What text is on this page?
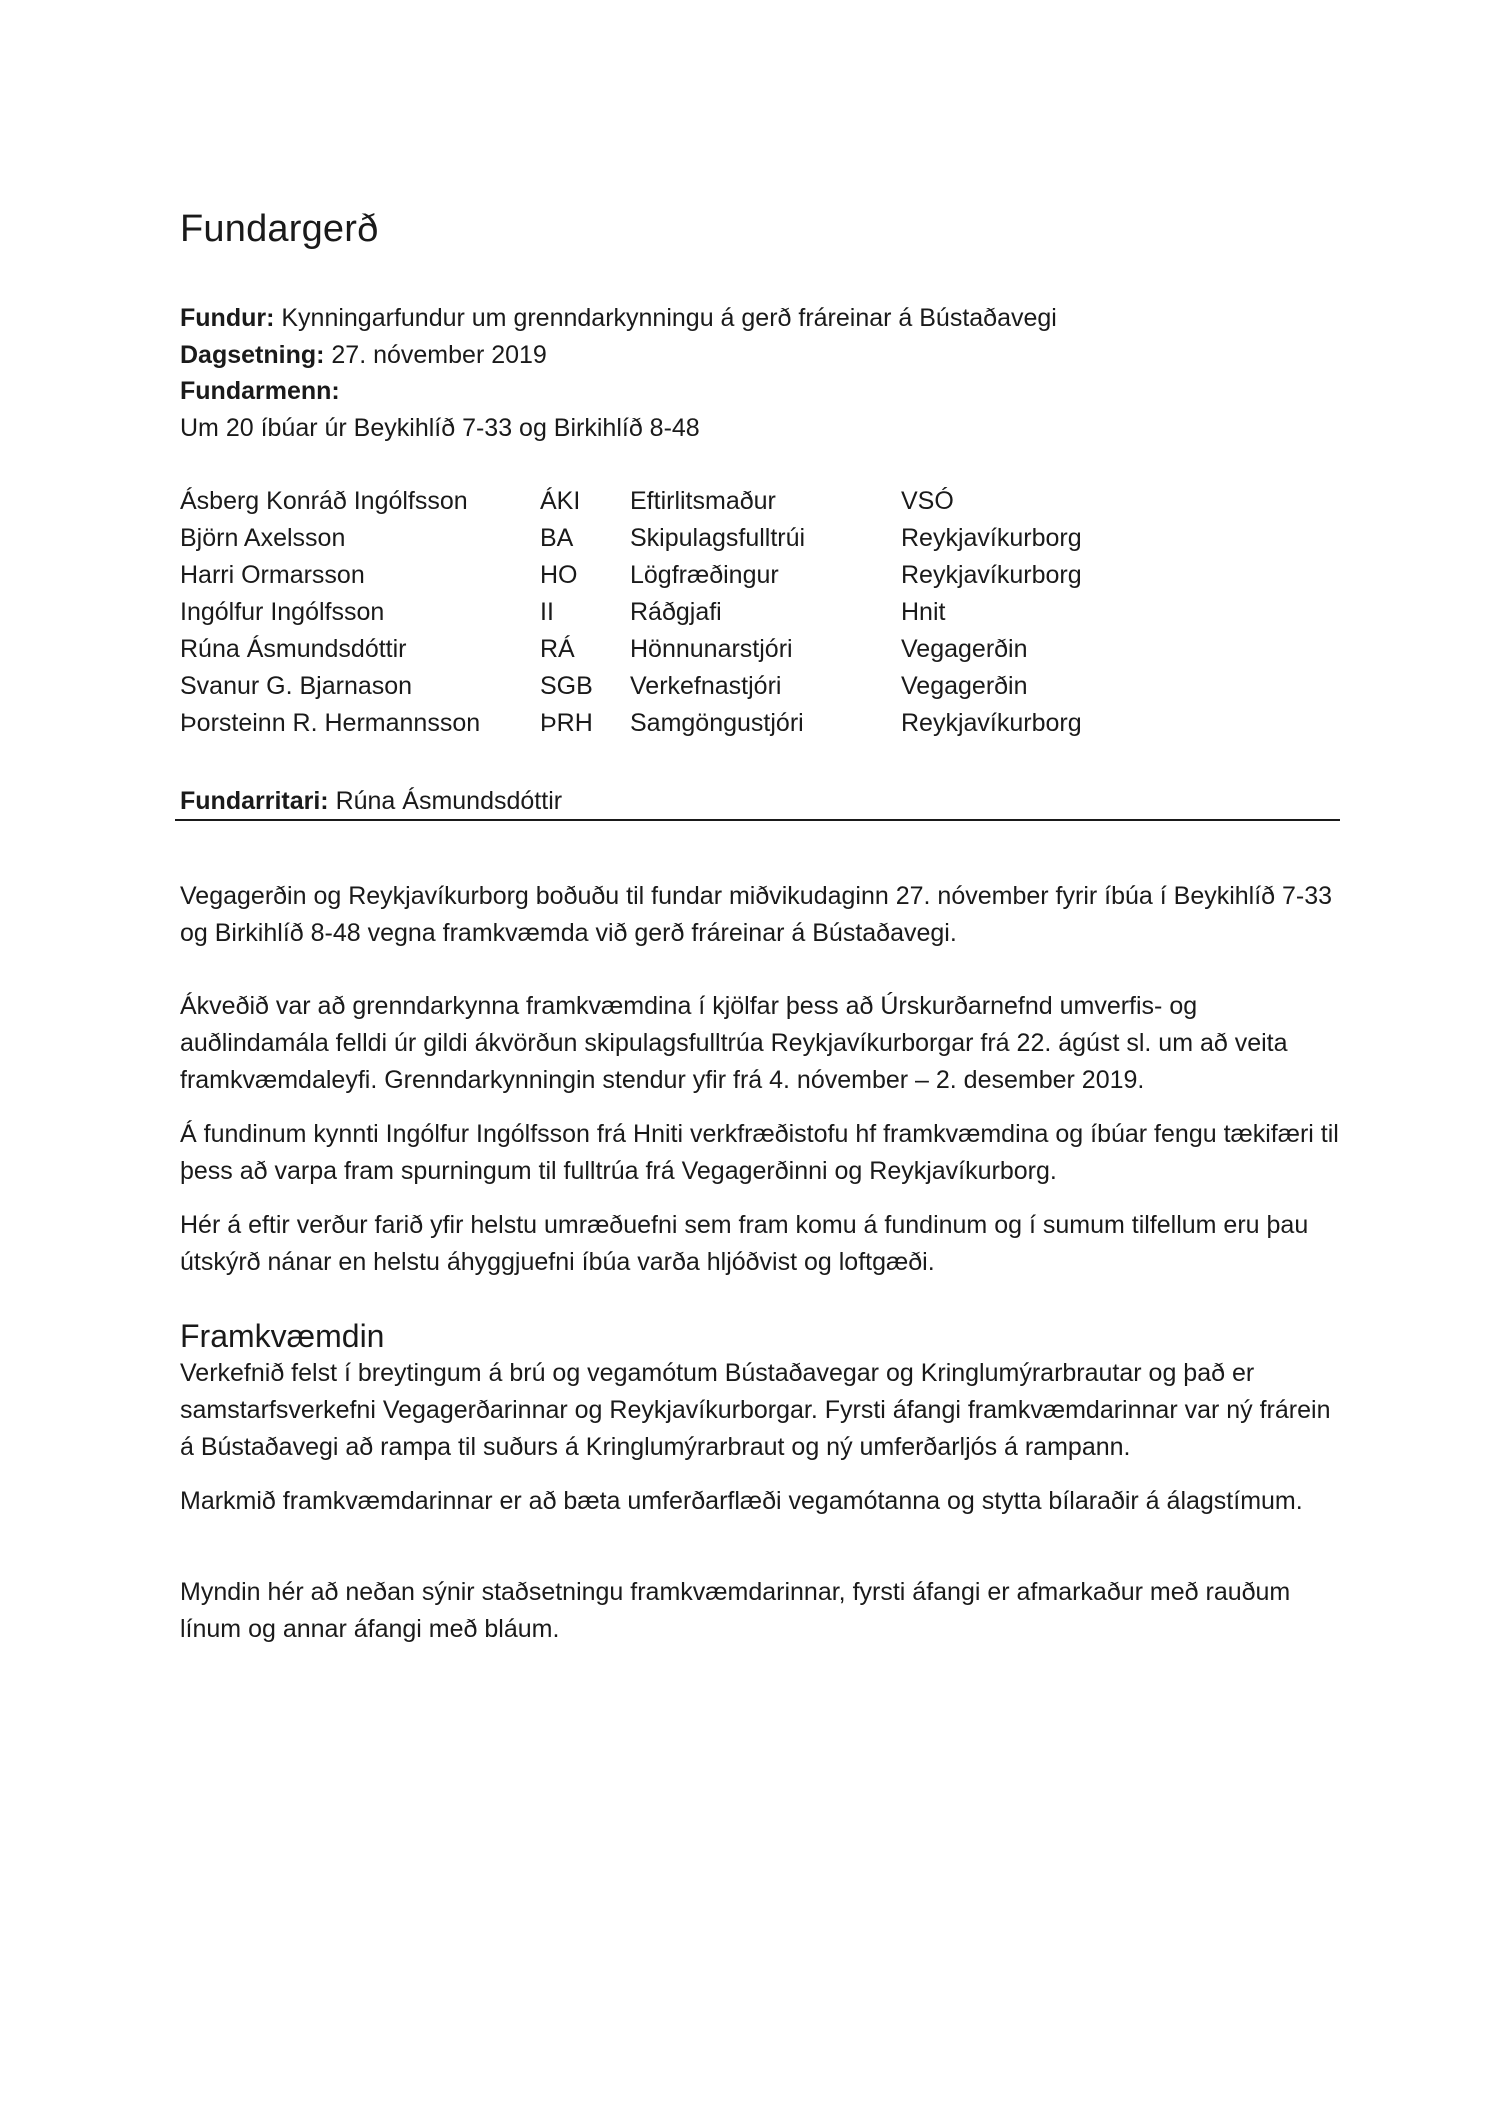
Fundargerð
Fundur: Kynningarfundur um grenndarkynningu á gerð fráreinar á Bústaðavegi
Dagsetning: 27. nóvember 2019
Fundarmenn:
Um 20 íbúar úr Beykihlíð 7-33 og Birkihlíð 8-48
Ásberg Konráð Ingólfsson	ÁKI	Eftirlitsmaður	VSÓ
Björn Axelsson	BA	Skipulagsfulltrúi	Reykjavíkurborg
Harri Ormarsson	HO	Lögfræðingur	Reykjavíkurborg
Ingólfur Ingólfsson	II	Ráðgjafi	Hnit
Rúna Ásmundsdóttir	RÁ	Hönnunarstjóri	Vegagerðin
Svanur G. Bjarnason	SGB	Verkefnastjóri	Vegagerðin
Þorsteinn R. Hermannsson	ÞRH	Samgöngustjóri	Reykjavíkurborg
Fundarritari: Rúna Ásmundsdóttir

Vegagerðin og Reykjavíkurborg boðuðu til fundar miðvikudaginn 27. nóvember fyrir íbúa í Beykihlíð 7-33 og Birkihlíð 8-48 vegna framkvæmda við gerð fráreinar á Bústaðavegi.

Ákveðið var að grenndarkynna framkvæmdina í kjölfar þess að Úrskurðarnefnd umverfis- og auðlindamála felldi úr gildi ákvörðun skipulagsfulltrúa Reykjavíkurborgar frá 22. ágúst sl. um að veita framkvæmdaleyfi. Grenndarkynningin stendur yfir frá 4. nóvember – 2. desember 2019.

Á fundinum kynnti Ingólfur Ingólfsson frá Hniti verkfræðistofu hf framkvæmdina og íbúar fengu tækifæri til þess að varpa fram spurningum til fulltrúa frá Vegagerðinni og Reykjavíkurborg.

Hér á eftir verður farið yfir helstu umræðuefni sem fram komu á fundinum og í sumum tilfellum eru þau útskýrð nánar en helstu áhyggjuefni íbúa varða hljóðvist og loftgæði.

Framkvæmdin

Verkefnið felst í breytingum á brú og vegamótum Bústaðavegar og Kringlumýrarbrautar og það er samstarfsverkefni Vegagerðarinnar og Reykjavíkurborgar. Fyrsti áfangi framkvæmdarinnar var ný frárein á Bústaðavegi að rampa til suðurs á Kringlumýrarbraut og ný umferðarljós á rampann.

Markmið framkvæmdarinnar er að bæta umferðarflæði vegamótanna og stytta bílaraðir á álagstímum.

Myndin hér að neðan sýnir staðsetningu framkvæmdarinnar, fyrsti áfangi er afmarkaður með rauðum línum og annar áfangi með bláum.
